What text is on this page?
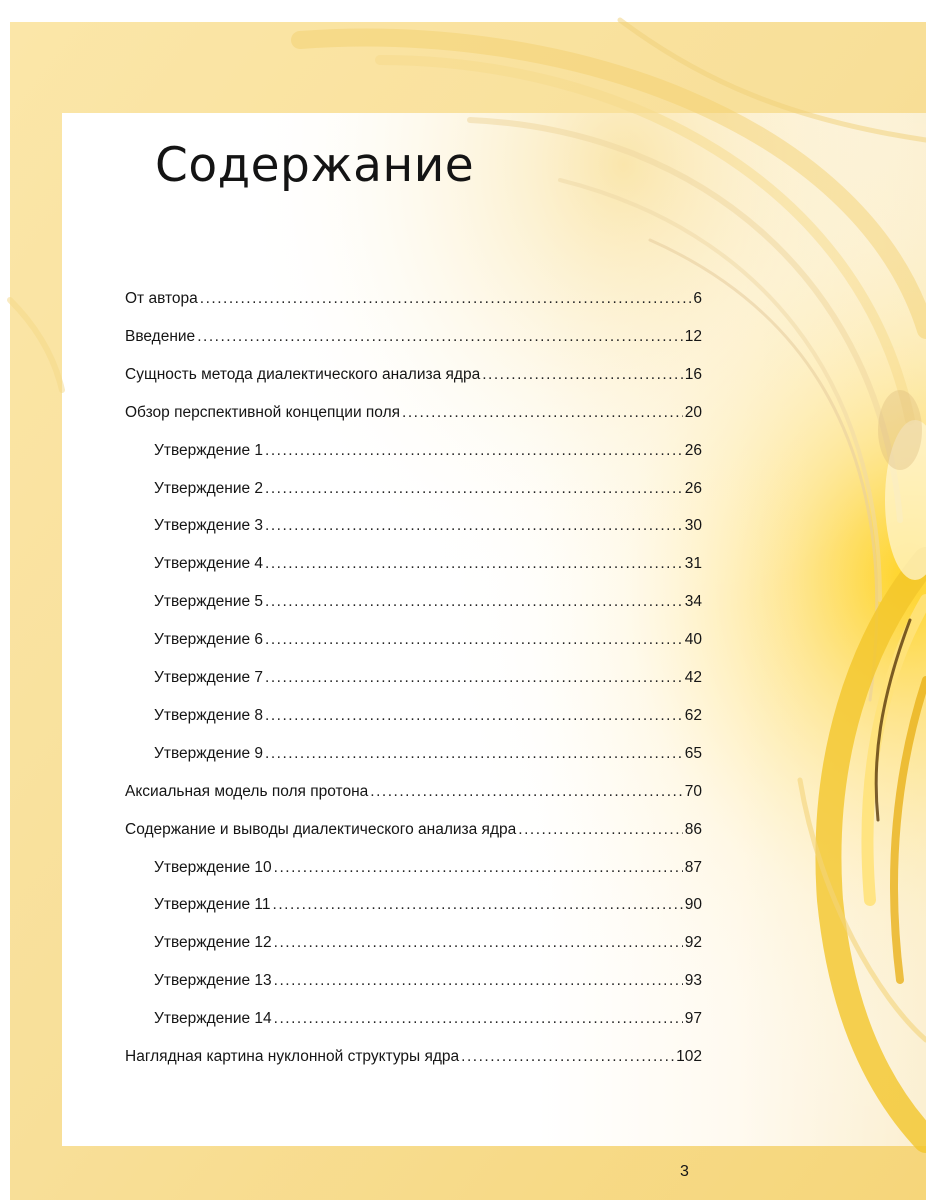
Содержание
От автора . . .	6
Введение . . .	12
Сущность метода диалектического анализа ядра . . .	16
Обзор перспективной концепции поля . . .	20
Утверждение 1 . . .	26
Утверждение 2 . . .	26
Утверждение 3 . . .	30
Утверждение 4 . . .	31
Утверждение 5 . . .	34
Утверждение 6 . . .	40
Утверждение 7 . . .	42
Утверждение 8 . . .	62
Утверждение 9 . . .	65
Аксиальная модель поля протона . . .	70
Содержание и выводы диалектического анализа ядра . . .	86
Утверждение 10 . . .	87
Утверждение 11 . . .	90
Утверждение 12 . . .	92
Утверждение 13 . . .	93
Утверждение 14 . . .	97
Наглядная картина нуклонной структуры ядра . . .	102
3
